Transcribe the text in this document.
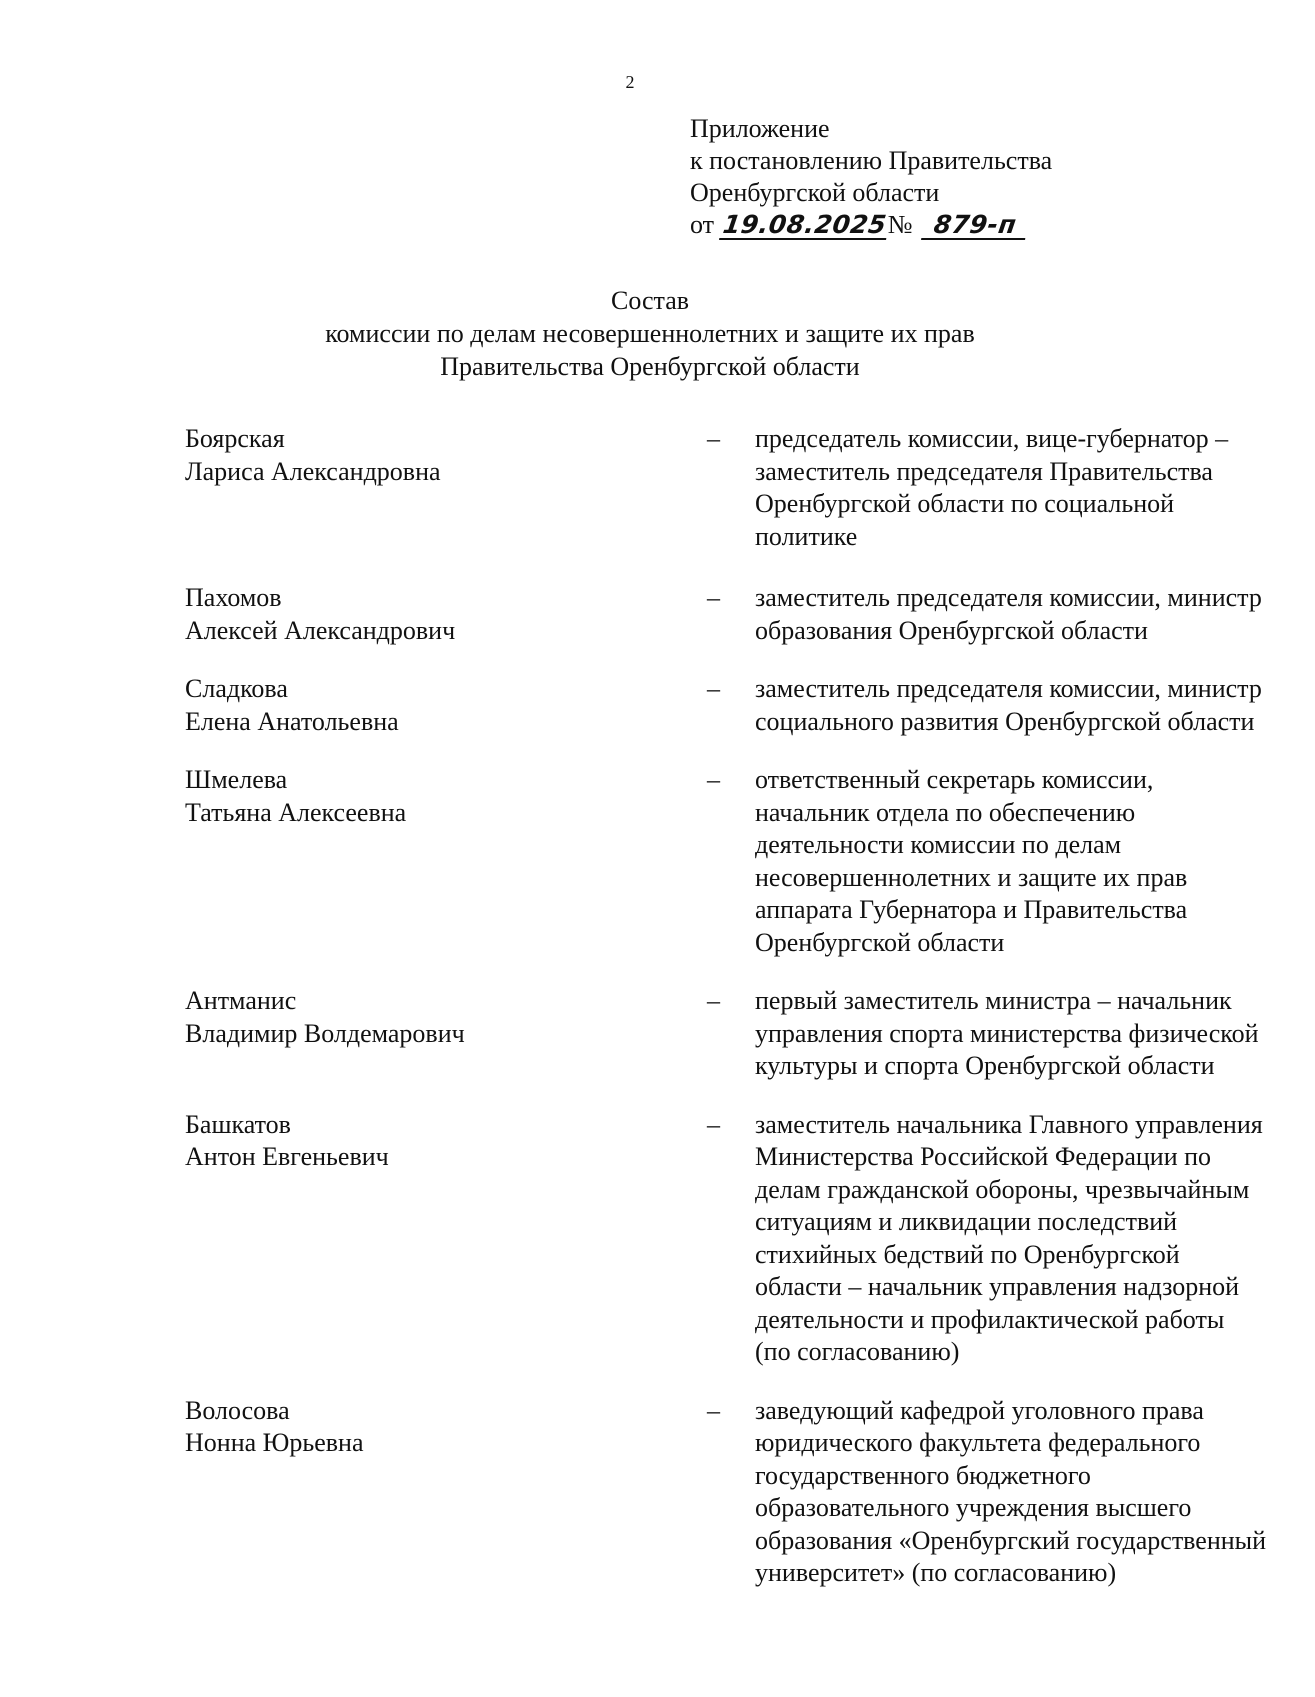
2
Приложение
к постановлению Правительства
Оренбургской области
от 19.08.2025№ 879-п
Состав
комиссии по делам несовершеннолетних и защите их прав
Правительства Оренбургской области
Боярская
Лариса Александровна
–	председатель комиссии, вице-губернатор –
заместитель председателя Правительства
Оренбургской области по социальной
политике
Пахомов
Алексей Александрович
–	заместитель председателя комиссии, министр
образования Оренбургской области
Сладкова
Елена Анатольевна
–	заместитель председателя комиссии, министр
социального развития Оренбургской области
Шмелева
Татьяна Алексеевна
–	ответственный секретарь комиссии,
начальник отдела по обеспечению
деятельности комиссии по делам
несовершеннолетних и защите их прав
аппарата Губернатора и Правительства
Оренбургской области
Антманис
Владимир Волдемарович
–	первый заместитель министра – начальник
управления спорта министерства физической
культуры и спорта Оренбургской области
Башкатов
Антон Евгеньевич
–	заместитель начальника Главного управления
Министерства Российской Федерации по
делам гражданской обороны, чрезвычайным
ситуациям и ликвидации последствий
стихийных бедствий по Оренбургской
области – начальник управления надзорной
деятельности и профилактической работы
(по согласованию)
Волосова
Нонна Юрьевна
–	заведующий кафедрой уголовного права
юридического факультета федерального
государственного бюджетного
образовательного учреждения высшего
образования «Оренбургский государственный
университет» (по согласованию)
